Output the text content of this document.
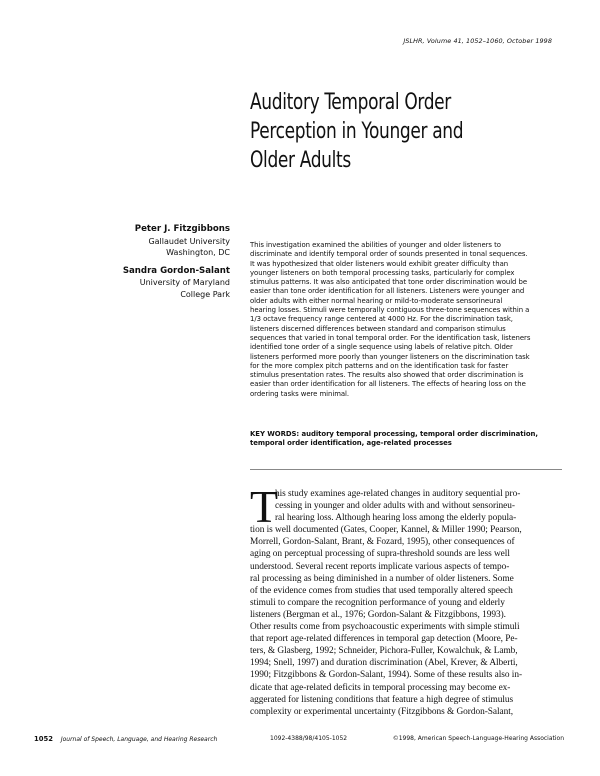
JSLHR, Volume 41, 1052–1060, October 1998
Auditory Temporal Order
Perception in Younger and
Older Adults
Peter J. Fitzgibbons
Gallaudet University
Washington, DC
Sandra Gordon-Salant
University of Maryland
College Park
This investigation examined the abilities of younger and older listeners to
discriminate and identify temporal order of sounds presented in tonal sequences.
It was hypothesized that older listeners would exhibit greater difficulty than
younger listeners on both temporal processing tasks, particularly for complex
stimulus patterns. It was also anticipated that tone order discrimination would be
easier than tone order identification for all listeners. Listeners were younger and
older adults with either normal hearing or mild-to-moderate sensorineural
hearing losses. Stimuli were temporally contiguous three-tone sequences within a
1/3 octave frequency range centered at 4000 Hz. For the discrimination task,
listeners discerned differences between standard and comparison stimulus
sequences that varied in tonal temporal order. For the identification task, listeners
identified tone order of a single sequence using labels of relative pitch. Older
listeners performed more poorly than younger listeners on the discrimination task
for the more complex pitch patterns and on the identification task for faster
stimulus presentation rates. The results also showed that order discrimination is
easier than order identification for all listeners. The effects of hearing loss on the
ordering tasks were minimal.
KEY WORDS: auditory temporal processing, temporal order discrimination,
temporal order identification, age-related processes
T
his study examines age-related changes in auditory sequential pro-
cessing in younger and older adults with and without sensorineu-
ral hearing loss. Although hearing loss among the elderly popula-
tion is well documented (Gates, Cooper, Kannel, & Miller 1990; Pearson,
Morrell, Gordon-Salant, Brant, & Fozard, 1995), other consequences of
aging on perceptual processing of supra-threshold sounds are less well
understood. Several recent reports implicate various aspects of tempo-
ral processing as being diminished in a number of older listeners. Some
of the evidence comes from studies that used temporally altered speech
stimuli to compare the recognition performance of young and elderly
listeners (Bergman et al., 1976; Gordon-Salant & Fitzgibbons, 1993).
Other results come from psychoacoustic experiments with simple stimuli
that report age-related differences in temporal gap detection (Moore, Pe-
ters, & Glasberg, 1992; Schneider, Pichora-Fuller, Kowalchuk, & Lamb,
1994; Snell, 1997) and duration discrimination (Abel, Krever, & Alberti,
1990; Fitzgibbons & Gordon-Salant, 1994). Some of these results also in-
dicate that age-related deficits in temporal processing may become ex-
aggerated for listening conditions that feature a high degree of stimulus
complexity or experimental uncertainty (Fitzgibbons & Gordon-Salant,
1052 Journal of Speech, Language, and Hearing Research	1092-4388/98/4105-1052	©1998, American Speech-Language-Hearing Association
